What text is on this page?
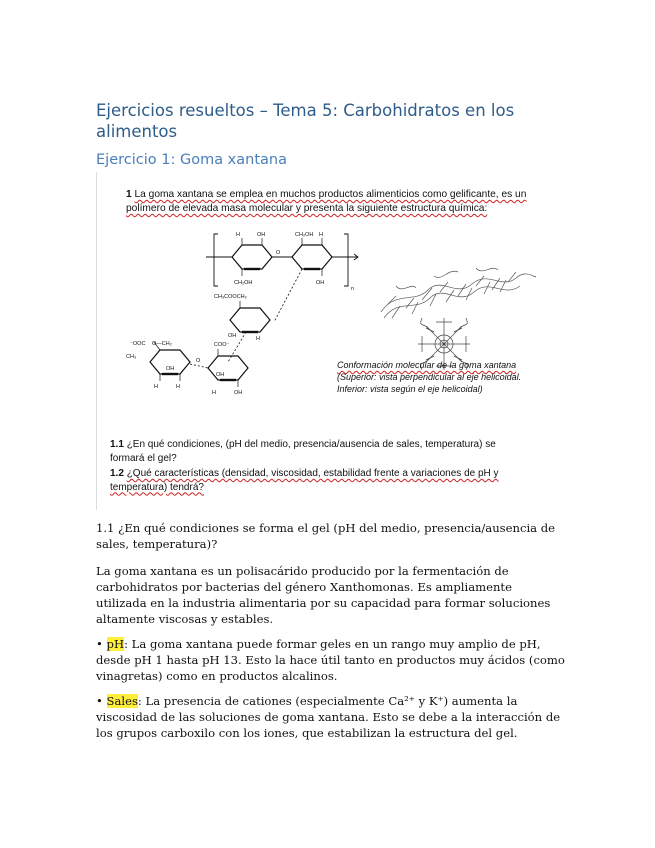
Ejercicios resueltos – Tema 5: Carbohidratos en los alimentos
Ejercicio 1: Goma xantana
H	OH	CH₂OH H
O
CH₂OH	OH
n
CH₃COOCH₂
OH	H
COO⁻
⁻OOC O—CH₂
CH₃
OH
O
H	H
OH
OH
H
1 La goma xantana se emplea en muchos productos alimenticios como gelificante, es un polímero de elevada masa molecular y presenta la siguiente estructura química:
Conformación molecular de la goma xantana
(Superior: vista perpendicular al eje helicoidal.
Inferior: vista según el eje helicoidal)
1.1 ¿En qué condiciones, (pH del medio, presencia/ausencia de sales, temperatura) se formará el gel?
1.2 ¿Qué características (densidad, viscosidad, estabilidad frente a variaciones de pH y temperatura) tendrá?
1.1 ¿En qué condiciones se forma el gel (pH del medio, presencia/ausencia de sales, temperatura)?
La goma xantana es un polisacárido producido por la fermentación de carbohidratos por bacterias del género Xanthomonas. Es ampliamente utilizada en la industria alimentaria por su capacidad para formar soluciones altamente viscosas y estables.
• pH: La goma xantana puede formar geles en un rango muy amplio de pH, desde pH 1 hasta pH 13. Esto la hace útil tanto en productos muy ácidos (como vinagretas) como en productos alcalinos.
• Sales: La presencia de cationes (especialmente Ca²⁺ y K⁺) aumenta la viscosidad de las soluciones de goma xantana. Esto se debe a la interacción de los grupos carboxilo con los iones, que estabilizan la estructura del gel.
